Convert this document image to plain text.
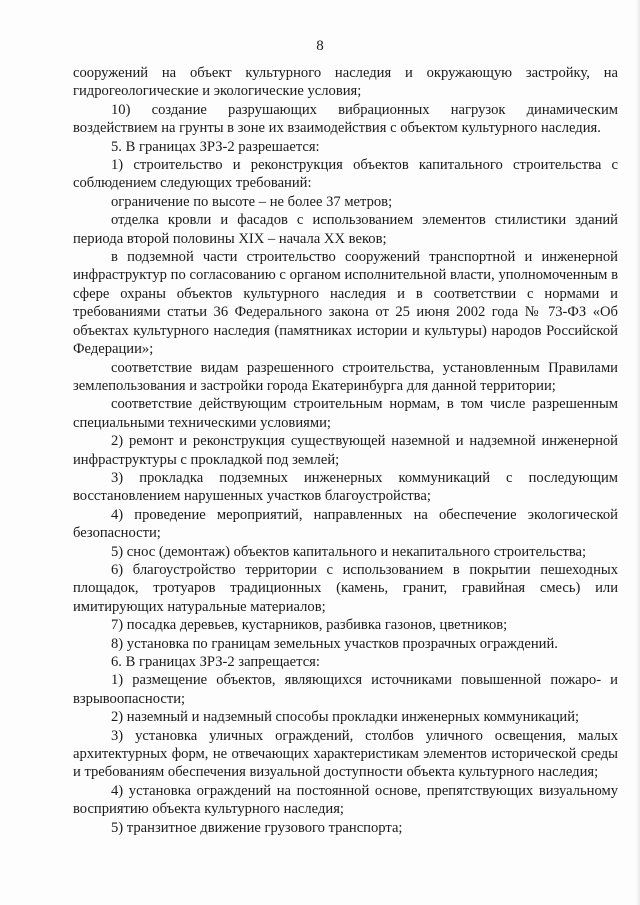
8

сооружений на объект культурного наследия и окружающую застройку, на гидрогеологические и экологические условия;

10) создание разрушающих вибрационных нагрузок динамическим воздействием на грунты в зоне их взаимодействия с объектом культурного наследия.

5. В границах ЗРЗ-2 разрешается:

1) строительство и реконструкция объектов капитального строительства с соблюдением следующих требований:

ограничение по высоте – не более 37 метров;

отделка кровли и фасадов с использованием элементов стилистики зданий периода второй половины XIX – начала XX веков;

в подземной части строительство сооружений транспортной и инженерной инфраструктур по согласованию с органом исполнительной власти, уполномоченным в сфере охраны объектов культурного наследия и в соответствии с нормами и требованиями статьи 36 Федерального закона от 25 июня 2002 года № 73-ФЗ «Об объектах культурного наследия (памятниках истории и культуры) народов Российской Федерации»;

соответствие видам разрешенного строительства, установленным Правилами землепользования и застройки города Екатеринбурга для данной территории;

соответствие действующим строительным нормам, в том числе разрешенным специальными техническими условиями;

2) ремонт и реконструкция существующей наземной и надземной инженерной инфраструктуры с прокладкой под землей;

3) прокладка подземных инженерных коммуникаций с последующим восстановлением нарушенных участков благоустройства;

4) проведение мероприятий, направленных на обеспечение экологической безопасности;

5) снос (демонтаж) объектов капитального и некапитального строительства;

6) благоустройство территории с использованием в покрытии пешеходных площадок, тротуаров традиционных (камень, гранит, гравийная смесь) или имитирующих натуральные материалов;

7) посадка деревьев, кустарников, разбивка газонов, цветников;

8) установка по границам земельных участков прозрачных ограждений.

6. В границах ЗРЗ-2 запрещается:

1) размещение объектов, являющихся источниками повышенной пожаро- и взрывоопасности;

2) наземный и надземный способы прокладки инженерных коммуникаций;

3) установка уличных ограждений, столбов уличного освещения, малых архитектурных форм, не отвечающих характеристикам элементов исторической среды и требованиям обеспечения визуальной доступности объекта культурного наследия;

4) установка ограждений на постоянной основе, препятствующих визуальному восприятию объекта культурного наследия;

5) транзитное движение грузового транспорта;
